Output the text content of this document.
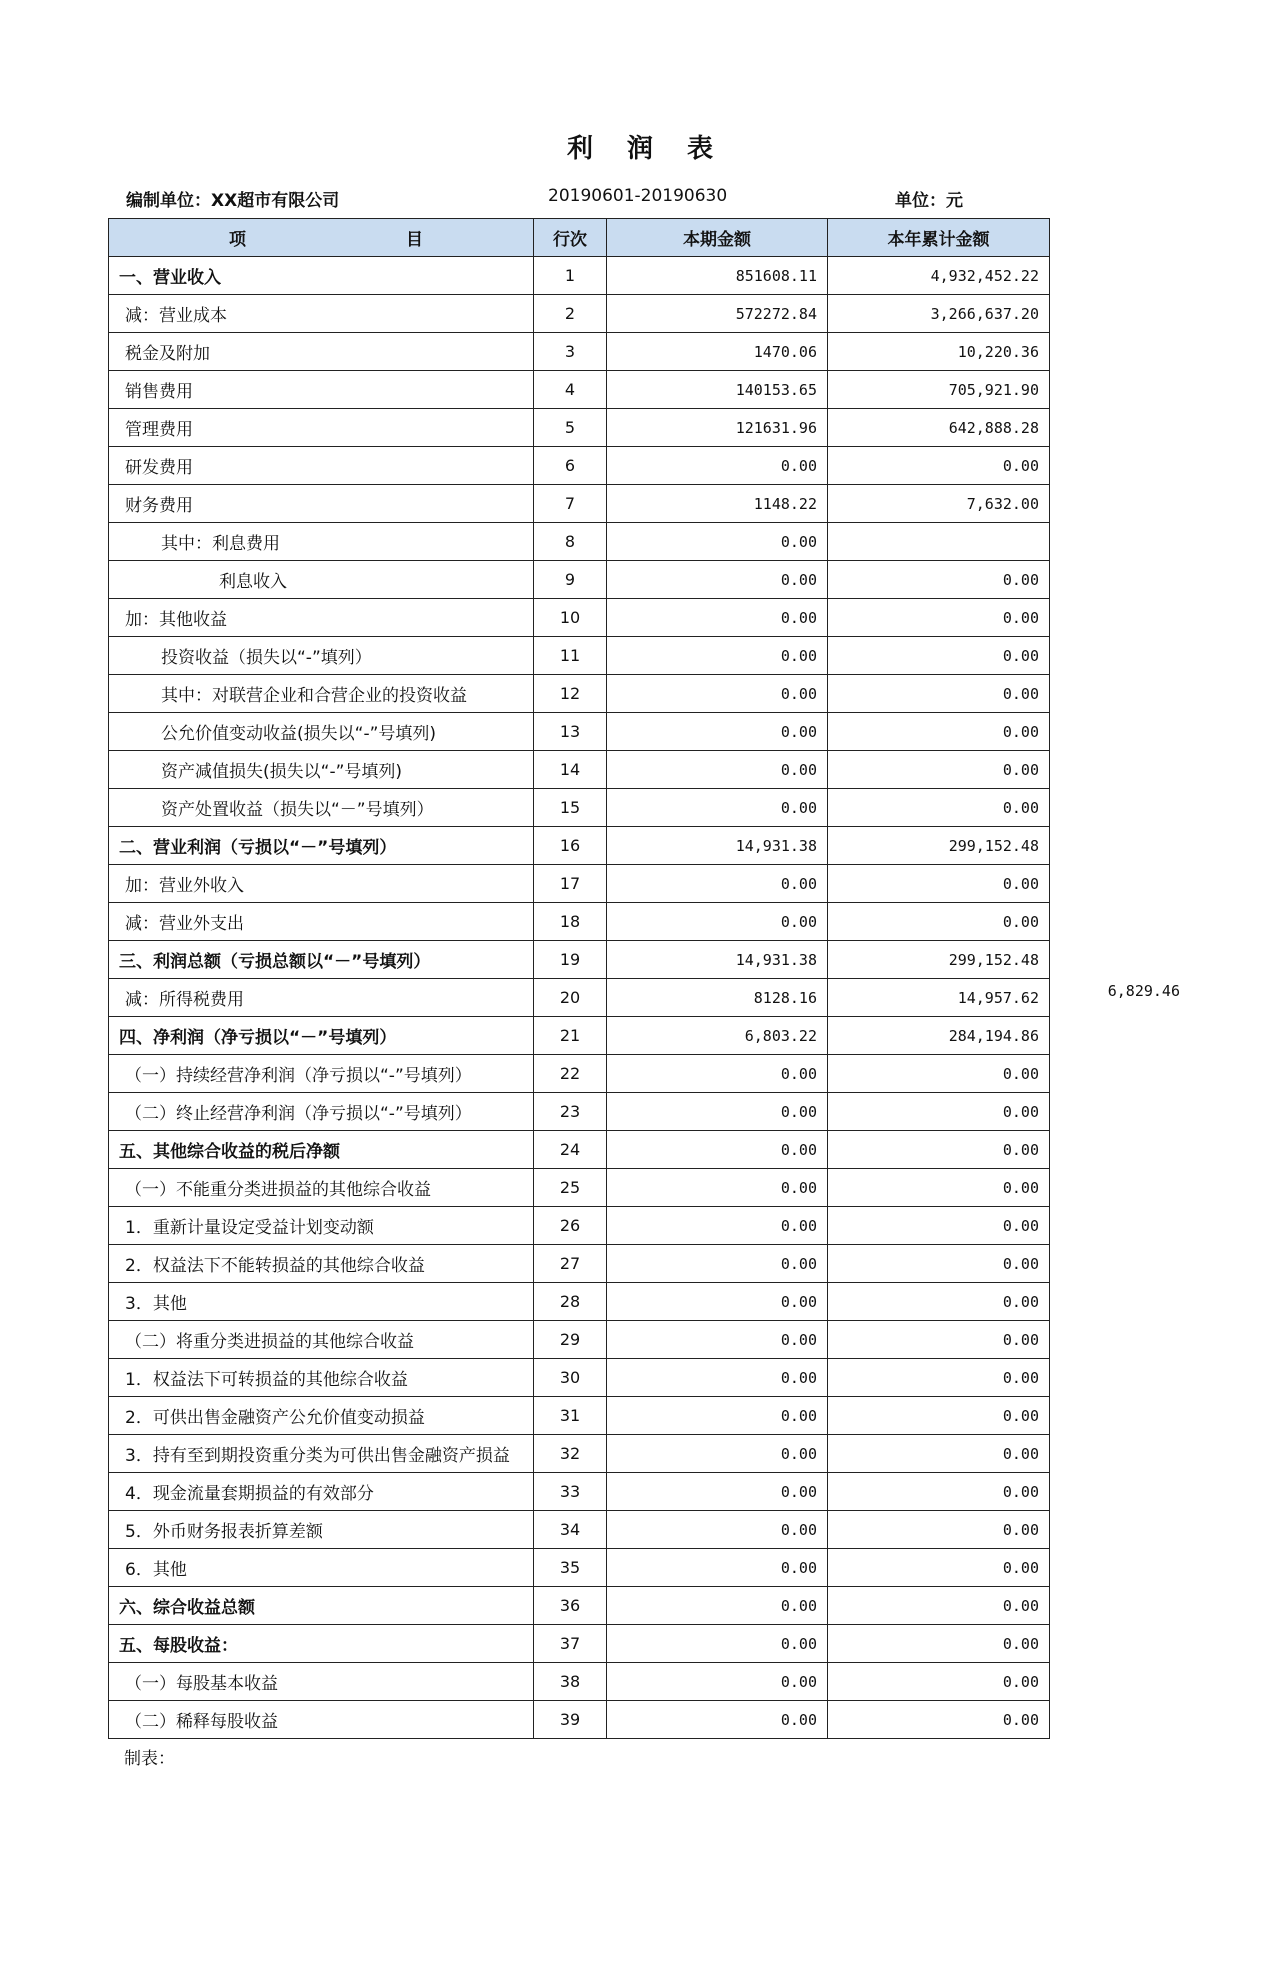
利润表
编制单位：XX超市有限公司	20190601-20190630	单位：元
项 目	行次	本期金额	本年累计金额
一、营业收入	1	851608.11	4,932,452.22
减：营业成本	2	572272.84	3,266,637.20
税金及附加	3	1470.06	10,220.36
销售费用	4	140153.65	705,921.90
管理费用	5	121631.96	642,888.28
研发费用	6	0.00	0.00
财务费用	7	1148.22	7,632.00
其中：利息费用	8	0.00	
利息收入	9	0.00	0.00
加：其他收益	10	0.00	0.00
投资收益（损失以“-”填列）	11	0.00	0.00
其中：对联营企业和合营企业的投资收益	12	0.00	0.00
公允价值变动收益(损失以“-”号填列)	13	0.00	0.00
资产减值损失(损失以“-”号填列)	14	0.00	0.00
资产处置收益（损失以“－”号填列）	15	0.00	0.00
二、营业利润（亏损以“－”号填列）	16	14,931.38	299,152.48
加：营业外收入	17	0.00	0.00
减：营业外支出	18	0.00	0.00
三、利润总额（亏损总额以“－”号填列）	19	14,931.38	299,152.48
减：所得税费用	20	8128.16	14,957.62
四、净利润（净亏损以“－”号填列）	21	6,803.22	284,194.86
（一）持续经营净利润（净亏损以“-”号填列）	22	0.00	0.00
（二）终止经营净利润（净亏损以“-”号填列）	23	0.00	0.00
五、其他综合收益的税后净额	24	0.00	0.00
（一）不能重分类进损益的其他综合收益	25	0.00	0.00
1．重新计量设定受益计划变动额	26	0.00	0.00
2．权益法下不能转损益的其他综合收益	27	0.00	0.00
3．其他	28	0.00	0.00
（二）将重分类进损益的其他综合收益	29	0.00	0.00
1．权益法下可转损益的其他综合收益	30	0.00	0.00
2．可供出售金融资产公允价值变动损益	31	0.00	0.00
3．持有至到期投资重分类为可供出售金融资产损益	32	0.00	0.00
4．现金流量套期损益的有效部分	33	0.00	0.00
5．外币财务报表折算差额	34	0.00	0.00
6．其他	35	0.00	0.00
六、综合收益总额	36	0.00	0.00
五、每股收益：	37	0.00	0.00
（一）每股基本收益	38	0.00	0.00
（二）稀释每股收益	39	0.00	0.00
6,829.46
制表：
